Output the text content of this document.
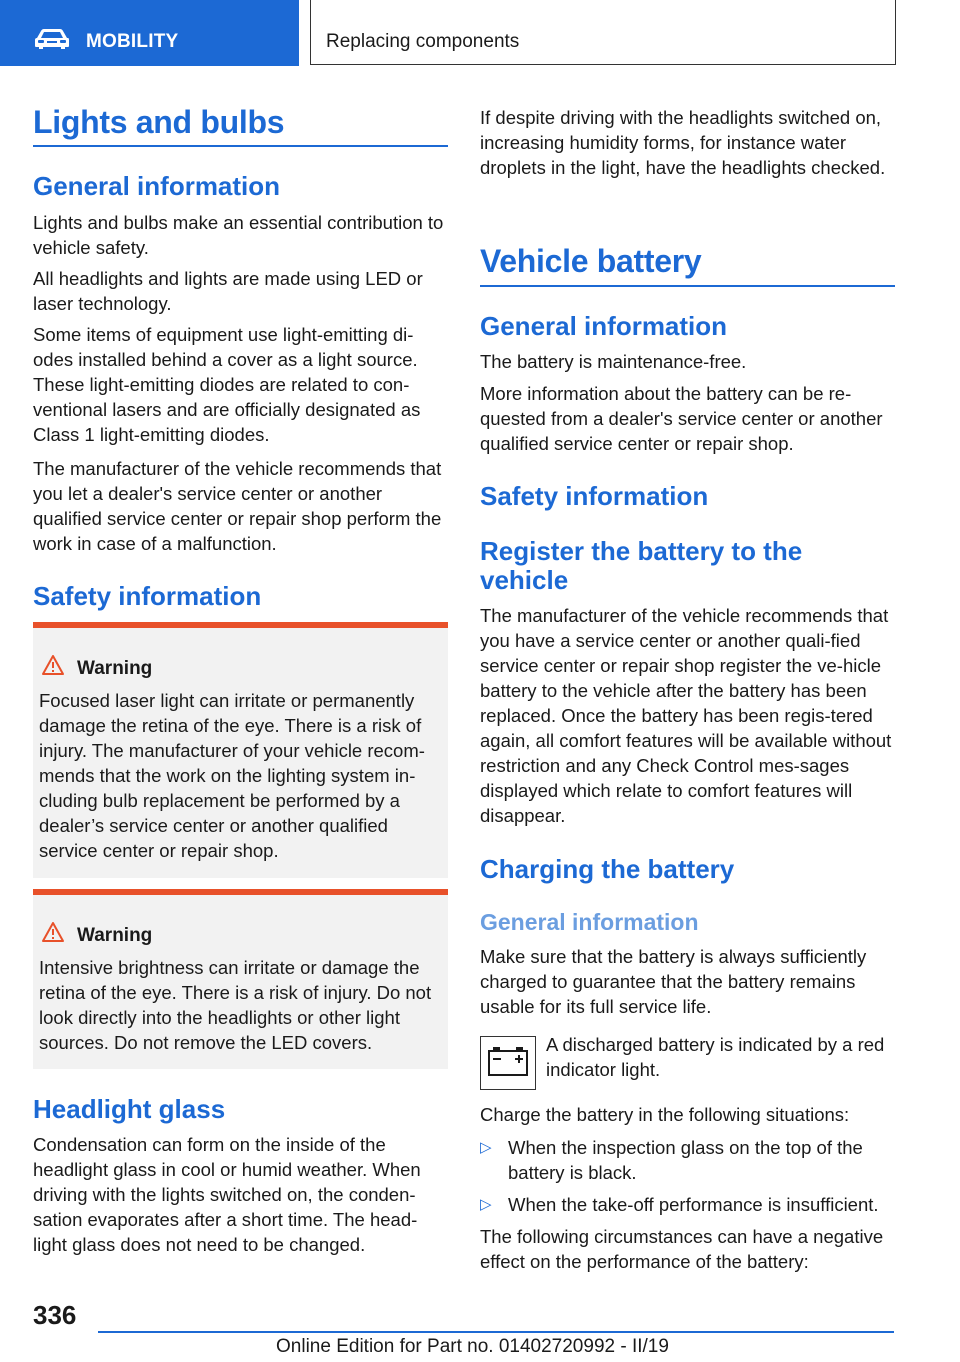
MOBILITY	Replacing components
Lights and bulbs
General information
Lights and bulbs make an essential contribution to vehicle safety.
All headlights and lights are made using LED or laser technology.
Some items of equipment use light-emitting di-odes installed behind a cover as a light source. These light-emitting diodes are related to con-ventional lasers and are officially designated as Class 1 light-emitting diodes.
The manufacturer of the vehicle recommends that you let a dealer's service center or another qualified service center or repair shop perform the work in case of a malfunction.
Safety information
Warning
Focused laser light can irritate or permanently damage the retina of the eye. There is a risk of injury. The manufacturer of your vehicle recom-mends that the work on the lighting system in-cluding bulb replacement be performed by a dealer’s service center or another qualified service center or repair shop.
Warning
Intensive brightness can irritate or damage the retina of the eye. There is a risk of injury. Do not look directly into the headlights or other light sources. Do not remove the LED covers.
Headlight glass
Condensation can form on the inside of the headlight glass in cool or humid weather. When driving with the lights switched on, the conden-sation evaporates after a short time. The head-light glass does not need to be changed.
If despite driving with the headlights switched on, increasing humidity forms, for instance water droplets in the light, have the headlights checked.
Vehicle battery
General information
The battery is maintenance-free.
More information about the battery can be re-quested from a dealer's service center or another qualified service center or repair shop.
Safety information
Register the battery to the vehicle
The manufacturer of the vehicle recommends that you have a service center or another quali-fied service center or repair shop register the ve-hicle battery to the vehicle after the battery has been replaced. Once the battery has been regis-tered again, all comfort features will be available without restriction and any Check Control mes-sages displayed which relate to comfort features will disappear.
Charging the battery
General information
Make sure that the battery is always sufficiently charged to guarantee that the battery remains usable for its full service life.
A discharged battery is indicated by a red indicator light.
Charge the battery in the following situations:
▷ When the inspection glass on the top of the battery is black.
▷ When the take-off performance is insufficient.
The following circumstances can have a negative effect on the performance of the battery:
336
Online Edition for Part no. 01402720992 - II/19
